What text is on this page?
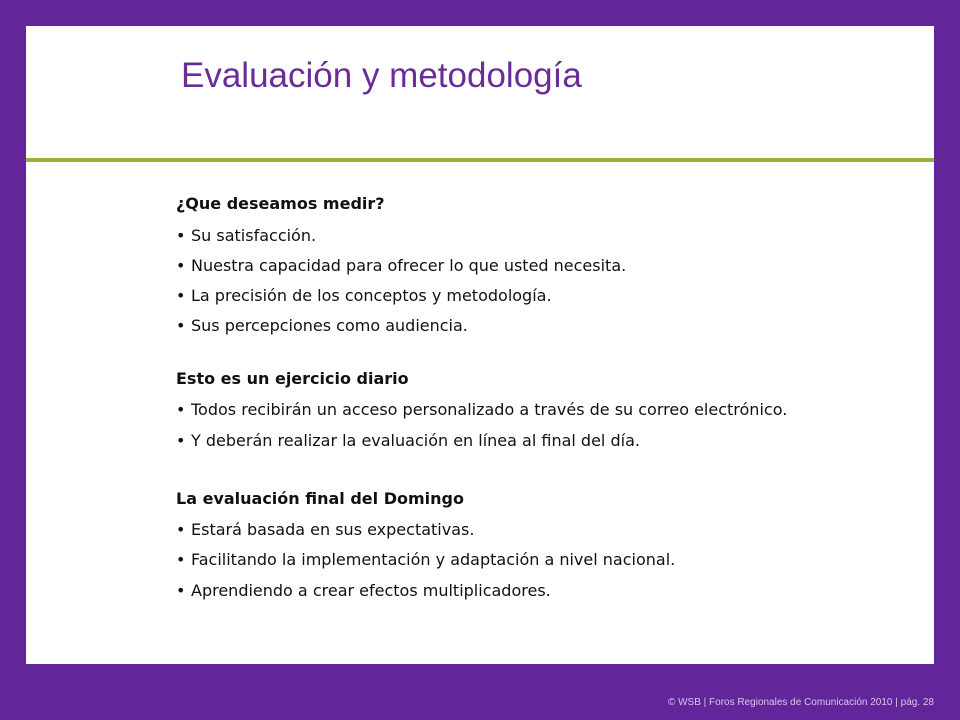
Evaluación y metodología
¿Que deseamos medir?
• Su satisfacción.
• Nuestra capacidad para ofrecer lo que usted necesita.
• La precisión de los conceptos y metodología.
• Sus percepciones como audiencia.
Esto es un ejercicio diario
• Todos recibirán un acceso personalizado a través de su correo electrónico.
• Y deberán realizar la evaluación en línea al final del día.
La evaluación final del Domingo
• Estará basada en sus expectativas.
• Facilitando la implementación y adaptación a nivel nacional.
• Aprendiendo a crear efectos multiplicadores.
© WSB | Foros Regionales de Comunicación 2010 | pág. 28
